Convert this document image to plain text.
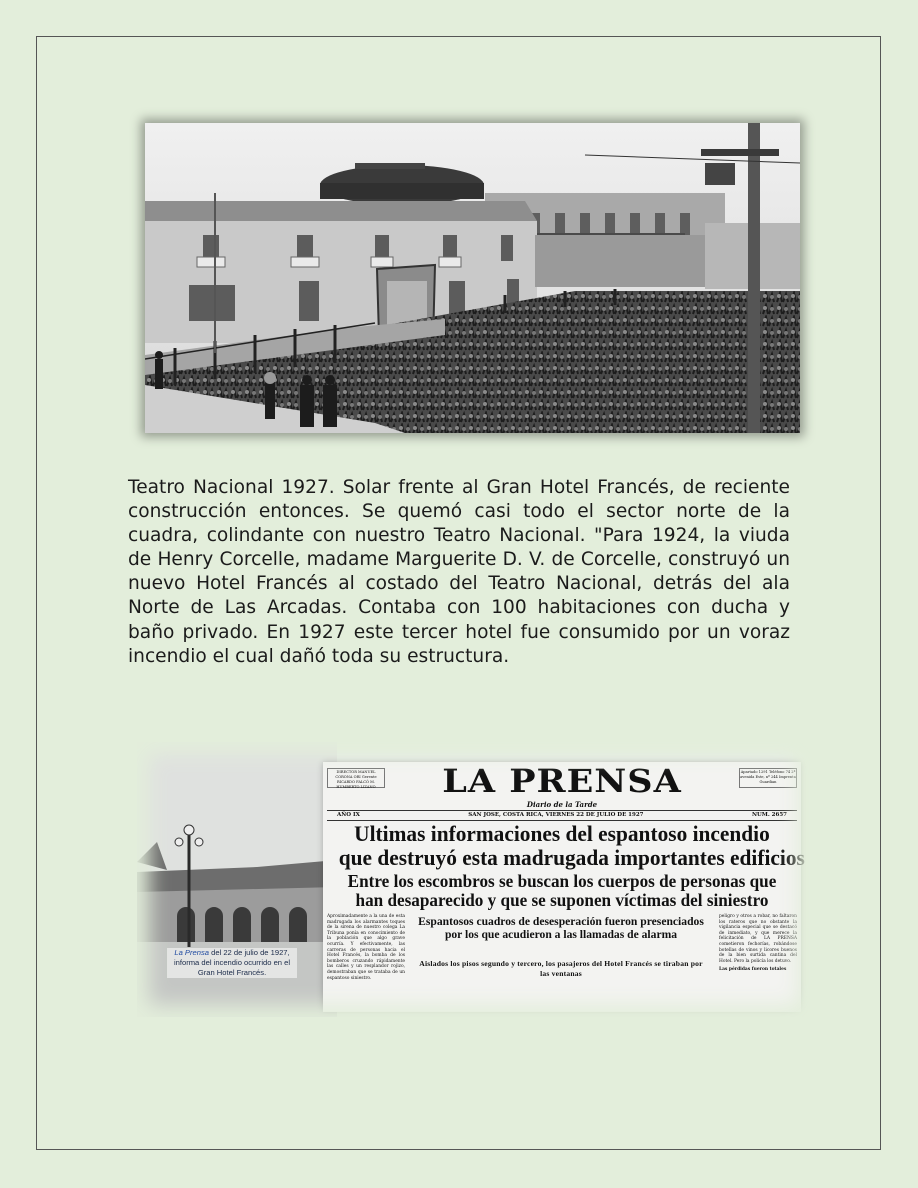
Teatro Nacional 1927. Solar frente al Gran Hotel Francés, de reciente construcción entonces. Se quemó casi todo el sector norte de la cuadra, colindante con nuestro Teatro Nacional. "Para 1924, la viuda de Henry Corcelle, madame Marguerite D. V. de Corcelle, construyó un nuevo Hotel Francés al costado del Teatro Nacional, detrás del ala Norte de Las Arcadas. Contaba con 100 habitaciones con ducha y baño privado. En 1927 este tercer hotel fue consumido por un voraz incendio el cual dañó toda su estructura.

La Prensa del 22 de julio de 1927, informa del incendio ocurrido en el Gran Hotel Francés.
DIRECTOR MANUEL CORONA ORI Gerente RICARDO FALCÓ M. HUMBERTO LIZANO
Apartado 1291 Teléfono 74 2ª avenida Este, nº 244 Imprenta Guardian
LA PRENSA
Diario de la Tarde
AÑO IX	SAN JOSE, COSTA RICA, VIERNES 22 DE JULIO DE 1927	NUM. 2657
Ultimas informaciones del espantoso incendio
que destruyó esta madrugada importantes edificios
Entre los escombros se buscan los cuerpos de personas que
han desaparecido y que se suponen víctimas del siniestro
Aproximadamente a la una de esta madrugada los alarmantes toques de la sirena de nuestro colega La Tribuna ponía en conocimiento de la población que algo grave ocurría. Y efectivamente, las carreras de personas hacia el Hotel Francés, la bomba de los bomberos cruzando rápidamente las calles y un resplandor rojizo, demostraban que se trataba de un espantoso siniestro.
Espantosos cuadros de desesperación fueron presenciados por los que acudieron a las llamadas de alarma
Aislados los pisos segundo y tercero, los pasajeros del Hotel Francés se tiraban por las ventanas
peligro y otros a robar, no faltaron los rateros que no obstante la vigilancia especial que se destacó de inmediato, y que merece la felicitación de LA PRENSA cometieron fechorías, robándose botellas de vinos y licores buenos de la bien surtida cantina del Hotel. Pero la policía los detuvo.
Las pérdidas fueron totales
